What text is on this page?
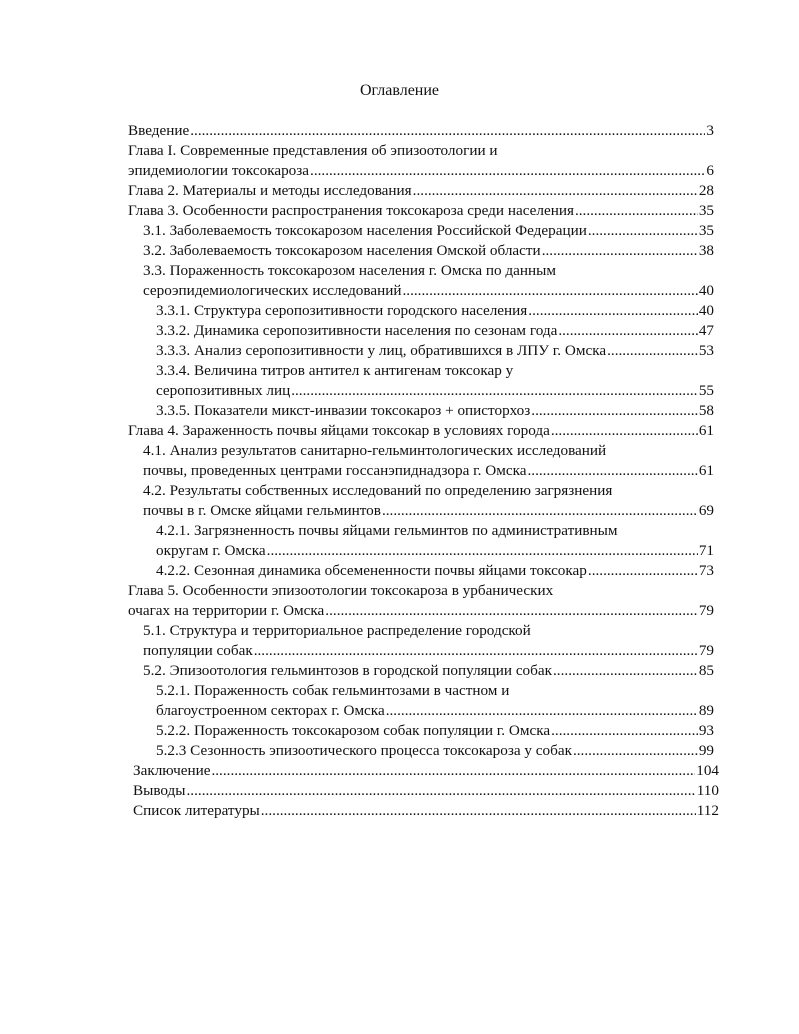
Оглавление
Введение .....	3
Глава I. Современные представления об эпизоотологии и
эпидемиологии токсокароза .....	6
Глава 2. Материалы и методы исследования .....	28
Глава 3. Особенности распространения токсокароза среди населения .....	35
3.1. Заболеваемость токсокарозом населения Российской Федерации .....	35
3.2. Заболеваемость токсокарозом населения Омской области .....	38
3.3. Пораженность токсокарозом населения г. Омска по данным
сероэпидемиологических исследований .....	40
3.3.1. Структура серопозитивности городского населения .....	40
3.3.2. Динамика серопозитивности населения по сезонам года .....	47
3.3.3. Анализ серопозитивности у лиц, обратившихся в ЛПУ г. Омска .....	53
3.3.4. Величина титров антител к антигенам токсокар у
серопозитивных лиц .....	55
3.3.5. Показатели микст-инвазии токсокароз + описторхоз .....	58
Глава 4. Зараженность почвы яйцами токсокар в условиях города .....	61
4.1. Анализ результатов санитарно-гельминтологических исследований
почвы, проведенных центрами госсанэпиднадзора г. Омска .....	61
4.2. Результаты собственных исследований по определению загрязнения
почвы в г. Омске яйцами гельминтов .....	69
4.2.1. Загрязненность почвы яйцами гельминтов по административным
округам г. Омска .....	71
4.2.2. Сезонная динамика обсемененности почвы яйцами токсокар .....	73
Глава 5. Особенности эпизоотологии токсокароза в урбанических
очагах на территории г. Омска .....	79
5.1. Структура и территориальное распределение городской
популяции собак .....	79
5.2. Эпизоотология гельминтозов в городской популяции собак .....	85
5.2.1. Пораженность собак гельминтозами в частном и
благоустроенном секторах г. Омска .....	89
5.2.2. Пораженность токсокарозом собак популяции г. Омска .....	93
5.2.3 Сезонность эпизоотического процесса токсокароза у собак .....	99
Заключение .....	104
Выводы .....	110
Список литературы .....	112
